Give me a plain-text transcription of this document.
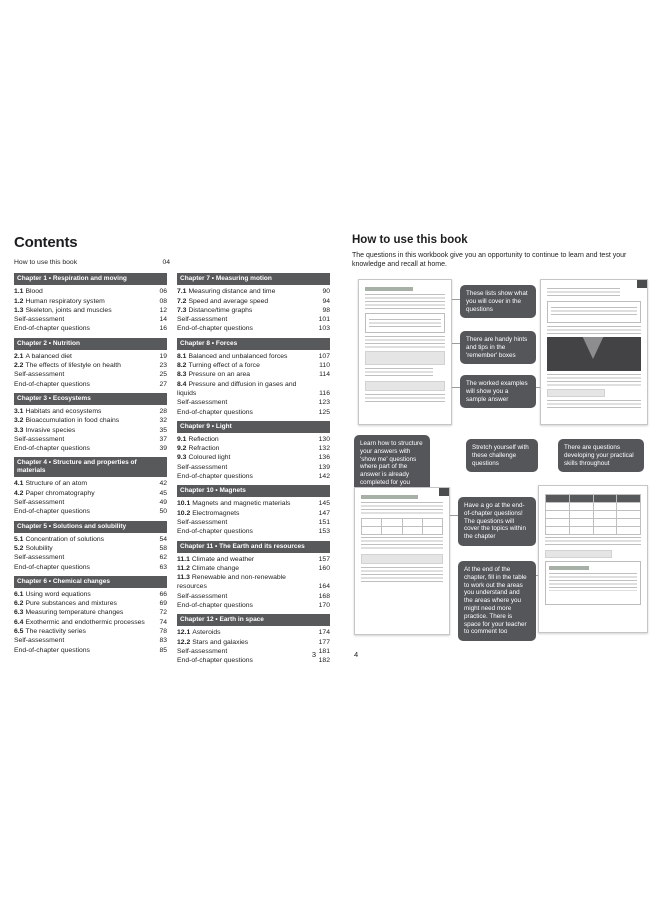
Contents
How to use this book	04
Chapter 1 • Respiration and moving
1.1 Blood	06
1.2 Human respiratory system	08
1.3 Skeleton, joints and muscles	12
Self-assessment	14
End-of-chapter questions	16
Chapter 2 • Nutrition
2.1 A balanced diet	19
2.2 The effects of lifestyle on health	23
Self-assessment	25
End-of-chapter questions	27
Chapter 3 • Ecosystems
3.1 Habitats and ecosystems	28
3.2 Bioaccumulation in food chains	32
3.3 Invasive species	35
Self-assessment	37
End-of-chapter questions	39
Chapter 4 • Structure and properties of materials
4.1 Structure of an atom	42
4.2 Paper chromatography	45
Self-assessment	49
End-of-chapter questions	50
Chapter 5 • Solutions and solubility
5.1 Concentration of solutions	54
5.2 Solubility	58
Self-assessment	62
End-of-chapter questions	63
Chapter 6 • Chemical changes
6.1 Using word equations	66
6.2 Pure substances and mixtures	69
6.3 Measuring temperature changes	72
6.4 Exothermic and endothermic processes	74
6.5 The reactivity series	78
Self-assessment	83
End-of-chapter questions	85
Chapter 7 • Measuring motion
7.1 Measuring distance and time	90
7.2 Speed and average speed	94
7.3 Distance/time graphs	98
Self-assessment	101
End-of-chapter questions	103
Chapter 8 • Forces
8.1 Balanced and unbalanced forces	107
8.2 Turning effect of a force	110
8.3 Pressure on an area	114
8.4 Pressure and diffusion in gases and liquids	116
Self-assessment	123
End-of-chapter questions	125
Chapter 9 • Light
9.1 Reflection	130
9.2 Refraction	132
9.3 Coloured light	136
Self-assessment	139
End-of-chapter questions	142
Chapter 10 • Magnets
10.1 Magnets and magnetic materials	145
10.2 Electromagnets	147
Self-assessment	151
End-of-chapter questions	153
Chapter 11 • The Earth and its resources
11.1 Climate and weather	157
11.2 Climate change	160
11.3 Renewable and non-renewable resources	164
Self-assessment	168
End-of-chapter questions	170
Chapter 12 • Earth in space
12.1 Asteroids	174
12.2 Stars and galaxies	177
Self-assessment	181
End-of-chapter questions	182
3
How to use this book

The questions in this workbook give you an opportunity to continue to learn and test your knowledge and recall at home.

These lists show what you will cover in the questions
There are handy hints and tips in the 'remember' boxes
The worked examples will show you a sample answer
Learn how to structure your answers with 'show me' questions where part of the answer is already completed for you
Stretch yourself with these challenge questions
There are questions developing your practical skills throughout
Have a go at the end-of-chapter questions! The questions will cover the topics within the chapter
At the end of the chapter, fill in the table to work out the areas you understand and the areas where you might need more practice. There is space for your teacher to comment too
4
